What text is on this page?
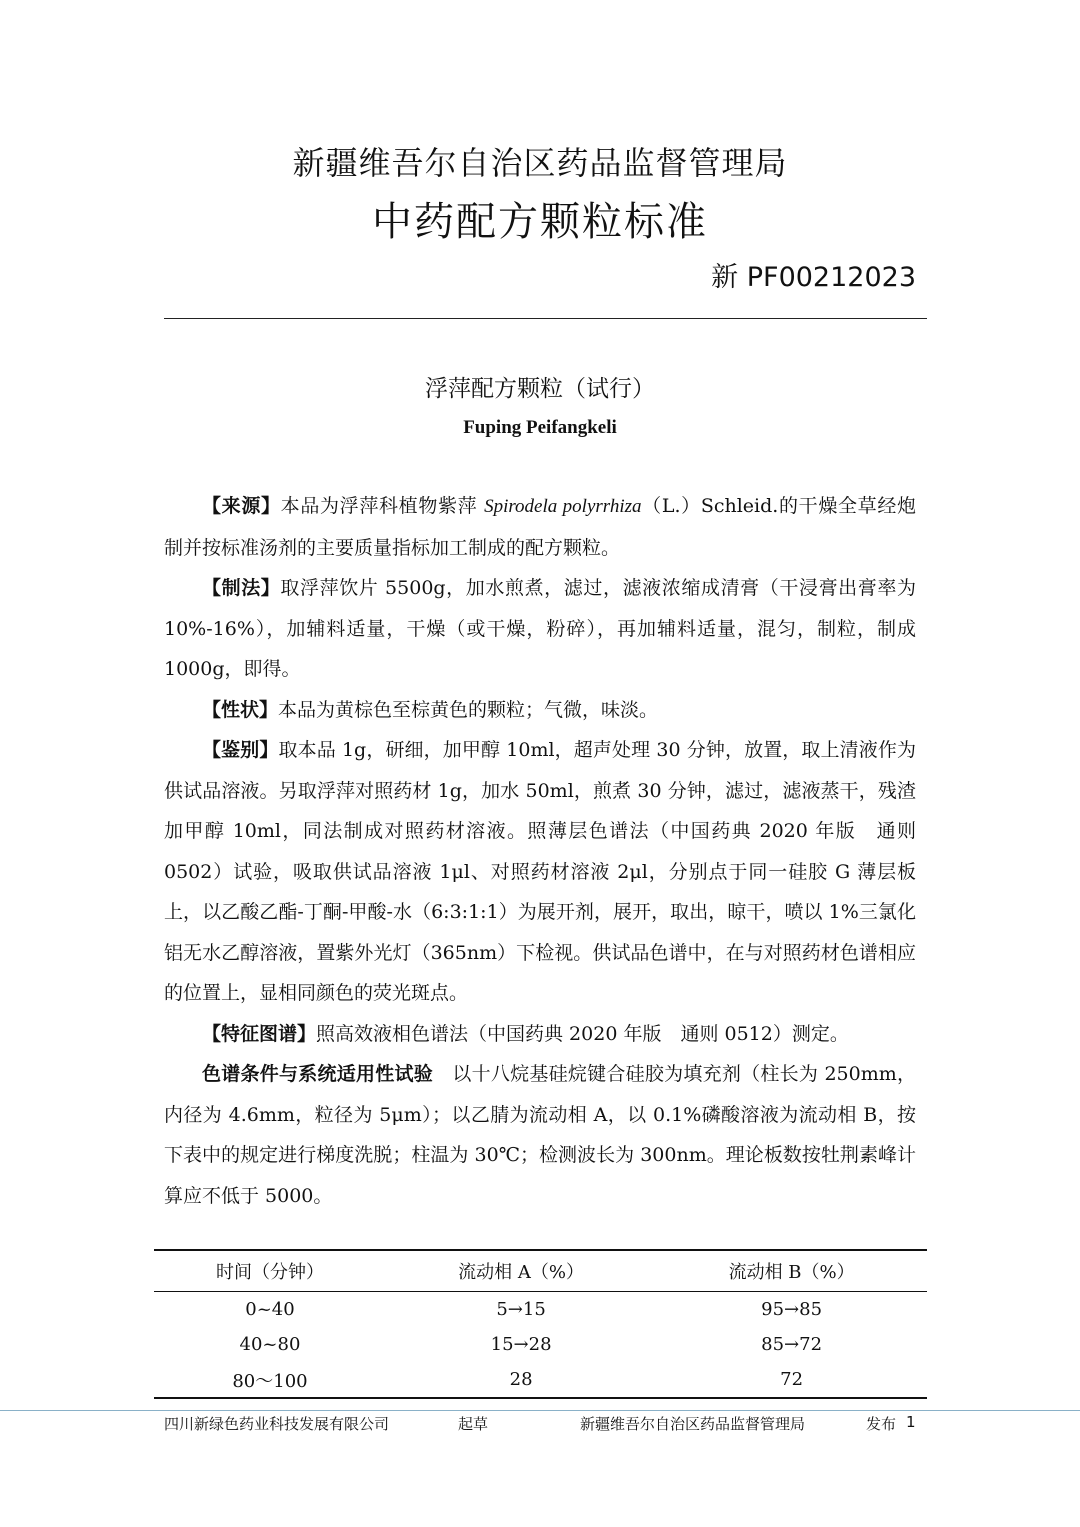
新疆维吾尔自治区药品监督管理局
中药配方颗粒标准
新 PF00212023
浮萍配方颗粒（试行）
Fuping Peifangkeli

【来源】本品为浮萍科植物紫萍 Spirodela polyrrhiza（L.）Schleid.的干燥全草经炮制并按标准汤剂的主要质量指标加工制成的配方颗粒。

【制法】取浮萍饮片 5500g，加水煎煮，滤过，滤液浓缩成清膏（干浸膏出膏率为 10%-16%），加辅料适量，干燥（或干燥，粉碎），再加辅料适量，混匀，制粒，制成 1000g，即得。

【性状】本品为黄棕色至棕黄色的颗粒；气微，味淡。

【鉴别】取本品 1g，研细，加甲醇 10ml，超声处理 30 分钟，放置，取上清液作为供试品溶液。另取浮萍对照药材 1g，加水 50ml，煎煮 30 分钟，滤过，滤液蒸干，残渣加甲醇 10ml，同法制成对照药材溶液。照薄层色谱法（中国药典 2020 年版　通则 0502）试验，吸取供试品溶液 1μl、对照药材溶液 2μl，分别点于同一硅胶 G 薄层板上，以乙酸乙酯-丁酮-甲酸-水（6:3:1:1）为展开剂，展开，取出，晾干，喷以 1%三氯化铝无水乙醇溶液，置紫外光灯（365nm）下检视。供试品色谱中，在与对照药材色谱相应的位置上，显相同颜色的荧光斑点。

【特征图谱】照高效液相色谱法（中国药典 2020 年版　通则 0512）测定。

色谱条件与系统适用性试验　以十八烷基硅烷键合硅胶为填充剂（柱长为 250mm，内径为 4.6mm，粒径为 5μm）；以乙腈为流动相 A，以 0.1%磷酸溶液为流动相 B，按下表中的规定进行梯度洗脱；柱温为 30℃；检测波长为 300nm。理论板数按牡荆素峰计算应不低于 5000。

时间（分钟）	流动相 A（%）	流动相 B（%）
0~40	5→15	95→85
40~80	15→28	85→72
80～100	28	72
四川新绿色药业科技发展有限公司	起草	新疆维吾尔自治区药品监督管理局	发布 1
